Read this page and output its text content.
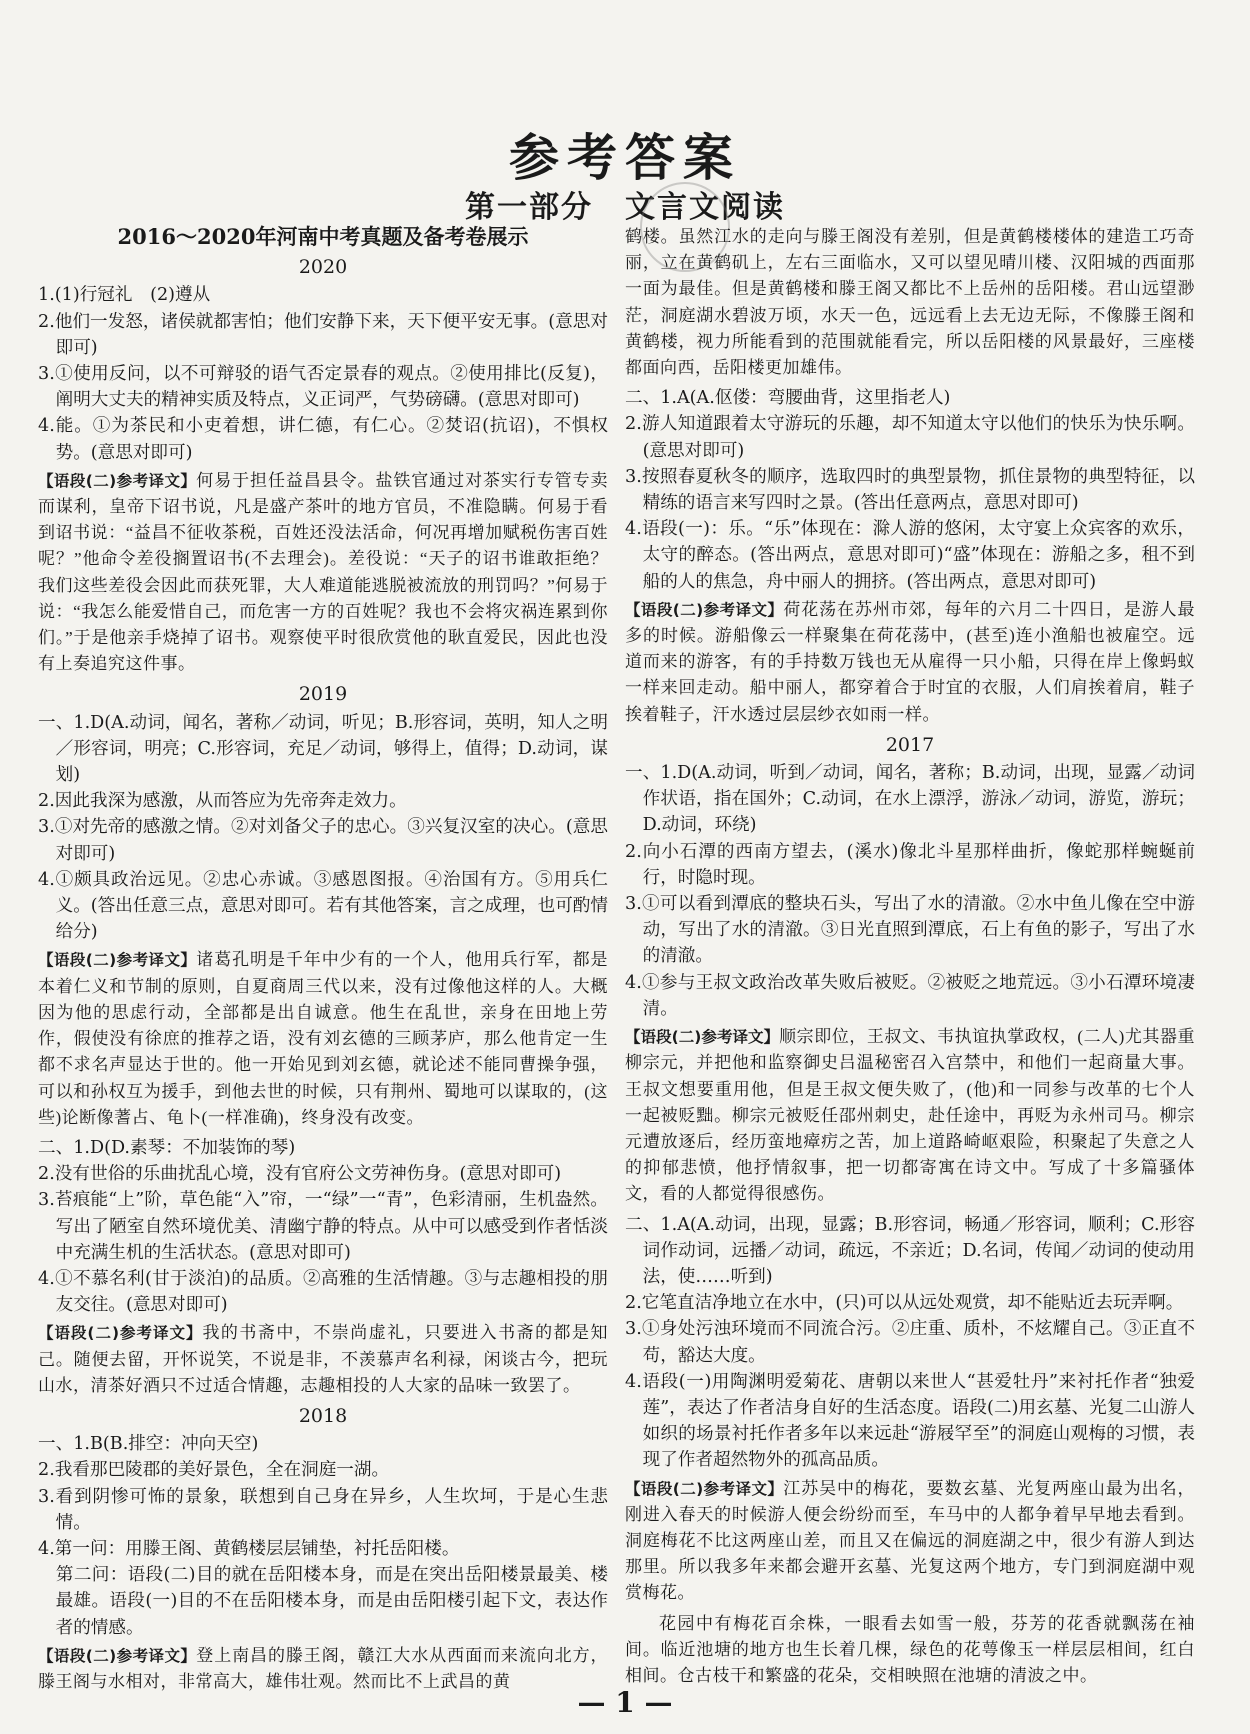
参考答案
第一部分　文言文阅读
2016～2020年河南中考真题及备考卷展示
2020

1.(1)行冠礼　(2)遵从

2.他们一发怒，诸侯就都害怕；他们安静下来，天下便平安无事。(意思对即可)

3.①使用反问，以不可辩驳的语气否定景春的观点。②使用排比(反复)，阐明大丈夫的精神实质及特点，义正词严，气势磅礴。(意思对即可)

4.能。①为茶民和小吏着想，讲仁德，有仁心。②焚诏(抗诏)，不惧权势。(意思对即可)

【语段(二)参考译文】何易于担任益昌县令。盐铁官通过对茶实行专管专卖而谋利，皇帝下诏书说，凡是盛产茶叶的地方官员，不准隐瞒。何易于看到诏书说：“益昌不征收茶税，百姓还没法活命，何况再增加赋税伤害百姓呢？”他命令差役搁置诏书(不去理会)。差役说：“天子的诏书谁敢拒绝？我们这些差役会因此而获死罪，大人难道能逃脱被流放的刑罚吗？”何易于说：“我怎么能爱惜自己，而危害一方的百姓呢？我也不会将灾祸连累到你们。”于是他亲手烧掉了诏书。观察使平时很欣赏他的耿直爱民，因此也没有上奏追究这件事。

2019

一、1.D(A.动词，闻名，著称／动词，听见；B.形容词，英明，知人之明／形容词，明亮；C.形容词，充足／动词，够得上，值得；D.动词，谋划)

2.因此我深为感激，从而答应为先帝奔走效力。

3.①对先帝的感激之情。②对刘备父子的忠心。③兴复汉室的决心。(意思对即可)

4.①颇具政治远见。②忠心赤诚。③感恩图报。④治国有方。⑤用兵仁义。(答出任意三点，意思对即可。若有其他答案，言之成理，也可酌情给分)

【语段(二)参考译文】诸葛孔明是千年中少有的一个人，他用兵行军，都是本着仁义和节制的原则，自夏商周三代以来，没有过像他这样的人。大概因为他的思虑行动，全部都是出自诚意。他生在乱世，亲身在田地上劳作，假使没有徐庶的推荐之语，没有刘玄德的三顾茅庐，那么他肯定一生都不求名声显达于世的。他一开始见到刘玄德，就论述不能同曹操争强，可以和孙权互为援手，到他去世的时候，只有荆州、蜀地可以谋取的，(这些)论断像蓍占、龟卜(一样准确)，终身没有改变。

二、1.D(D.素琴：不加装饰的琴)

2.没有世俗的乐曲扰乱心境，没有官府公文劳神伤身。(意思对即可)

3.苔痕能“上”阶，草色能“入”帘，一“绿”一“青”，色彩清丽，生机盎然。写出了陋室自然环境优美、清幽宁静的特点。从中可以感受到作者恬淡中充满生机的生活状态。(意思对即可)

4.①不慕名利(甘于淡泊)的品质。②高雅的生活情趣。③与志趣相投的朋友交往。(意思对即可)

【语段(二)参考译文】我的书斋中，不崇尚虚礼，只要进入书斋的都是知己。随便去留，开怀说笑，不说是非，不羡慕声名利禄，闲谈古今，把玩山水，清茶好酒只不过适合情趣，志趣相投的人大家的品味一致罢了。

2018

一、1.B(B.排空：冲向天空)

2.我看那巴陵郡的美好景色，全在洞庭一湖。

3.看到阴惨可怖的景象，联想到自己身在异乡，人生坎坷，于是心生悲情。

4.第一问：用滕王阁、黄鹤楼层层铺垫，衬托岳阳楼。

　第二问：语段(二)目的就在岳阳楼本身，而是在突出岳阳楼景最美、楼最雄。语段(一)目的不在岳阳楼本身，而是由岳阳楼引起下文，表达作者的情感。

【语段(二)参考译文】登上南昌的滕王阁，赣江大水从西面而来流向北方，滕王阁与水相对，非常高大，雄伟壮观。然而比不上武昌的黄

鹤楼。虽然江水的走向与滕王阁没有差别，但是黄鹤楼楼体的建造工巧奇丽，立在黄鹤矶上，左右三面临水，又可以望见晴川楼、汉阳城的西面那一面为最佳。但是黄鹤楼和滕王阁又都比不上岳州的岳阳楼。君山远望渺茫，洞庭湖水碧波万顷，水天一色，远远看上去无边无际，不像滕王阁和黄鹤楼，视力所能看到的范围就能看完，所以岳阳楼的风景最好，三座楼都面向西，岳阳楼更加雄伟。

二、1.A(A.伛偻：弯腰曲背，这里指老人)

2.游人知道跟着太守游玩的乐趣，却不知道太守以他们的快乐为快乐啊。(意思对即可)

3.按照春夏秋冬的顺序，选取四时的典型景物，抓住景物的典型特征，以精练的语言来写四时之景。(答出任意两点，意思对即可)

4.语段(一)：乐。“乐”体现在：滁人游的悠闲，太守宴上众宾客的欢乐，太守的醉态。(答出两点，意思对即可)“盛”体现在：游船之多，租不到船的人的焦急，舟中丽人的拥挤。(答出两点，意思对即可)

【语段(二)参考译文】荷花荡在苏州市郊，每年的六月二十四日，是游人最多的时候。游船像云一样聚集在荷花荡中，(甚至)连小渔船也被雇空。远道而来的游客，有的手持数万钱也无从雇得一只小船，只得在岸上像蚂蚁一样来回走动。船中丽人，都穿着合于时宜的衣服，人们肩挨着肩，鞋子挨着鞋子，汗水透过层层纱衣如雨一样。

2017

一、1.D(A.动词，听到／动词，闻名，著称；B.动词，出现，显露／动词作状语，指在国外；C.动词，在水上漂浮，游泳／动词，游览，游玩；D.动词，环绕)

2.向小石潭的西南方望去，(溪水)像北斗星那样曲折，像蛇那样蜿蜒前行，时隐时现。

3.①可以看到潭底的整块石头，写出了水的清澈。②水中鱼儿像在空中游动，写出了水的清澈。③日光直照到潭底，石上有鱼的影子，写出了水的清澈。

4.①参与王叔文政治改革失败后被贬。②被贬之地荒远。③小石潭环境凄清。

【语段(二)参考译文】顺宗即位，王叔文、韦执谊执掌政权，(二人)尤其器重柳宗元，并把他和监察御史吕温秘密召入宫禁中，和他们一起商量大事。王叔文想要重用他，但是王叔文便失败了，(他)和一同参与改革的七个人一起被贬黜。柳宗元被贬任邵州刺史，赴任途中，再贬为永州司马。柳宗元遭放逐后，经历蛮地瘴疠之苦，加上道路崎岖艰险，积聚起了失意之人的抑郁悲愤，他抒情叙事，把一切都寄寓在诗文中。写成了十多篇骚体文，看的人都觉得很感伤。

二、1.A(A.动词，出现，显露；B.形容词，畅通／形容词，顺利；C.形容词作动词，远播／动词，疏远，不亲近；D.名词，传闻／动词的使动用法，使……听到)

2.它笔直洁净地立在水中，(只)可以从远处观赏，却不能贴近去玩弄啊。

3.①身处污浊环境而不同流合污。②庄重、质朴，不炫耀自己。③正直不苟，豁达大度。

4.语段(一)用陶渊明爱菊花、唐朝以来世人“甚爱牡丹”来衬托作者“独爱莲”，表达了作者洁身自好的生活态度。语段(二)用玄墓、光复二山游人如织的场景衬托作者多年以来远赴“游屐罕至”的洞庭山观梅的习惯，表现了作者超然物外的孤高品质。

【语段(二)参考译文】江苏吴中的梅花，要数玄墓、光复两座山最为出名，刚进入春天的时候游人便会纷纷而至，车马中的人都争着早早地去看到。洞庭梅花不比这两座山差，而且又在偏远的洞庭湖之中，很少有游人到达那里。所以我多年来都会避开玄墓、光复这两个地方，专门到洞庭湖中观赏梅花。

花园中有梅花百余株，一眼看去如雪一般，芬芳的花香就飘荡在袖间。临近池塘的地方也生长着几棵，绿色的花萼像玉一样层层相间，红白相间。仓古枝干和繁盛的花朵，交相映照在池塘的清波之中。

— 1 —
